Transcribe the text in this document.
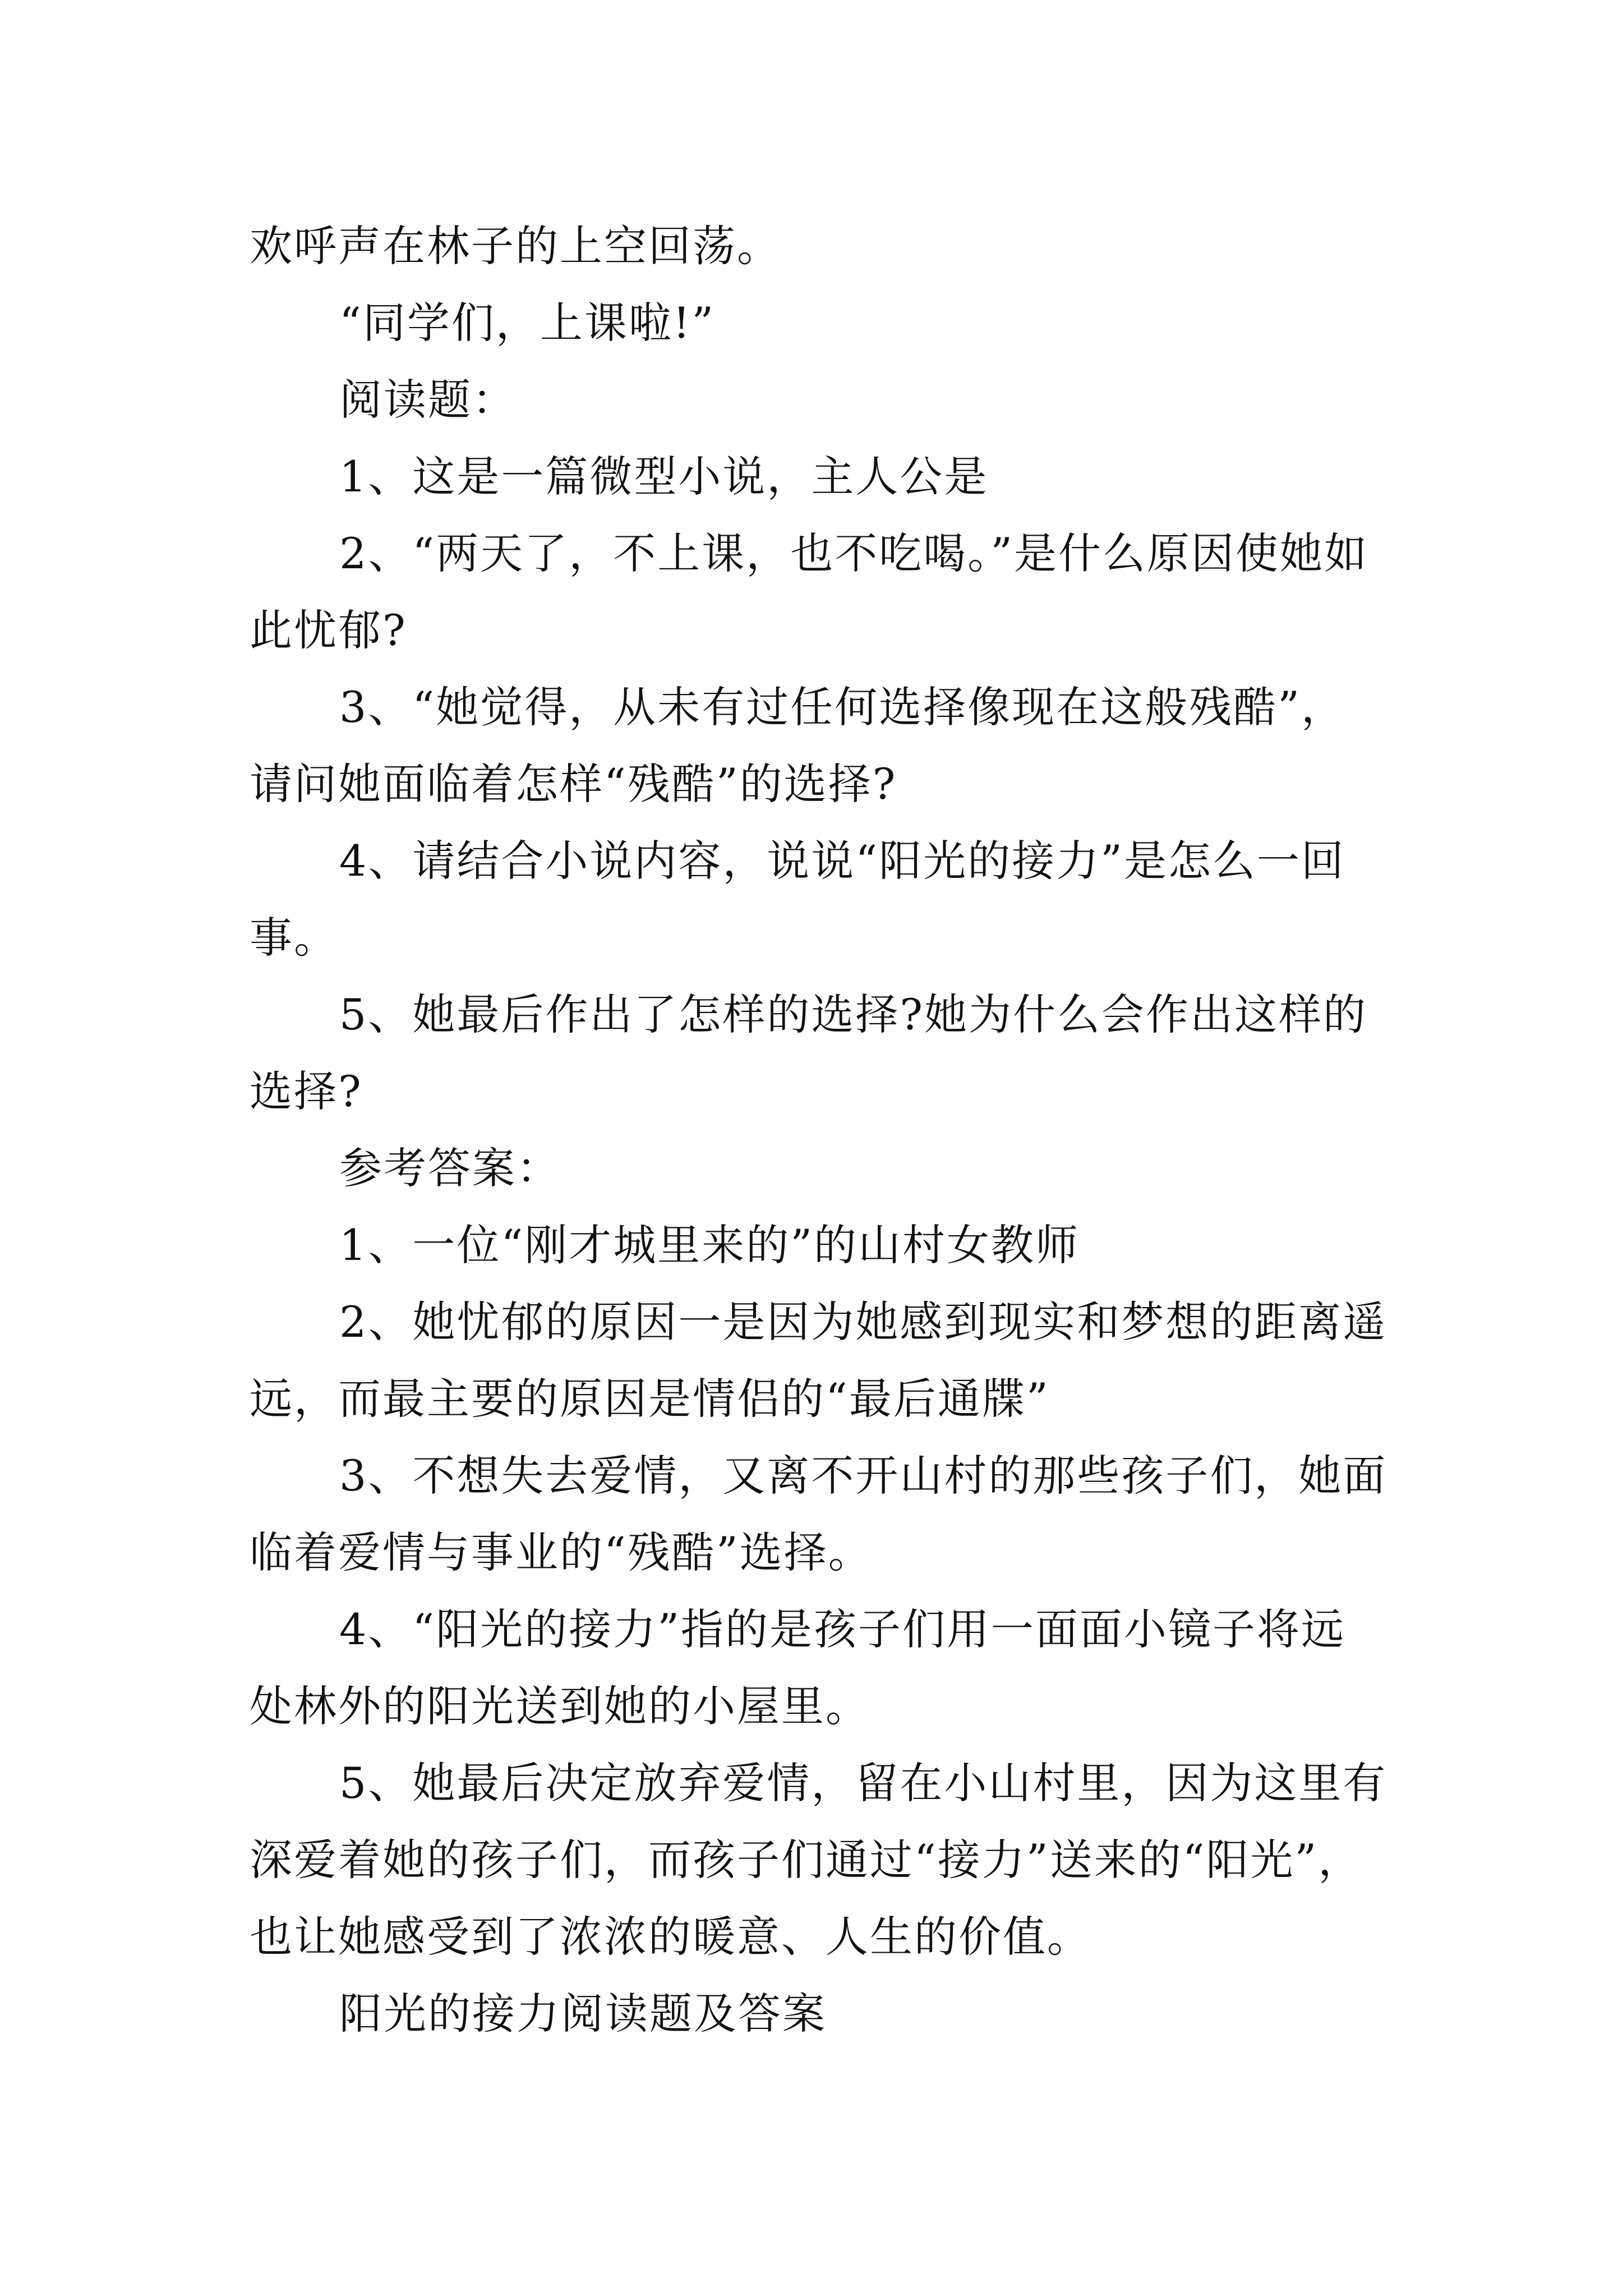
欢呼声在林子的上空回荡。

“同学们，上课啦!”

阅读题：

1、这是一篇微型小说，主人公是

2、“两天了，不上课，也不吃喝。”是什么原因使她如此忧郁?

3、“她觉得，从未有过任何选择像现在这般残酷”，请问她面临着怎样“残酷”的选择?

4、请结合小说内容，说说“阳光的接力”是怎么一回事。

5、她最后作出了怎样的选择?她为什么会作出这样的选择?

参考答案：

1、一位“刚才城里来的”的山村女教师

2、她忧郁的原因一是因为她感到现实和梦想的距离遥远，而最主要的原因是情侣的“最后通牒”

3、不想失去爱情，又离不开山村的那些孩子们，她面临着爱情与事业的“残酷”选择。

4、“阳光的接力”指的是孩子们用一面面小镜子将远处林外的阳光送到她的小屋里。

5、她最后决定放弃爱情，留在小山村里，因为这里有深爱着她的孩子们，而孩子们通过“接力”送来的“阳光”，也让她感受到了浓浓的暖意、人生的价值。

阳光的接力阅读题及答案
